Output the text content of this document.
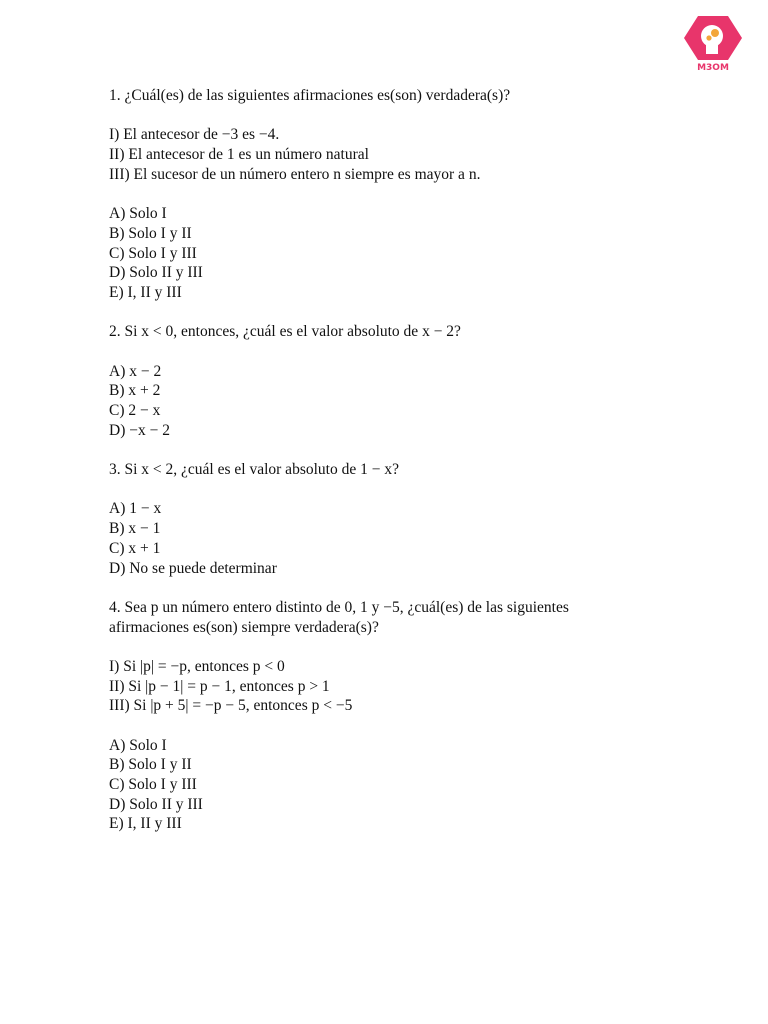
M3OM
1. ¿Cuál(es) de las siguientes afirmaciones es(son) verdadera(s)?
I) El antecesor de −3 es −4.
II) El antecesor de 1 es un número natural
III) El sucesor de un número entero n siempre es mayor a n.
A) Solo I
B) Solo I y II
C) Solo I y III
D) Solo II y III
E) I, II y III
2. Si x < 0, entonces, ¿cuál es el valor absoluto de x − 2?
A) x − 2
B) x + 2
C) 2 − x
D) −x − 2
3. Si x < 2, ¿cuál es el valor absoluto de 1 − x?
A) 1 − x
B) x − 1
C) x + 1
D) No se puede determinar
4. Sea p un número entero distinto de 0, 1 y −5, ¿cuál(es) de las siguientes
afirmaciones es(son) siempre verdadera(s)?
I) Si |p| = −p, entonces p < 0
II) Si |p − 1| = p − 1, entonces p > 1
III) Si |p + 5| = −p − 5, entonces p < −5
A) Solo I
B) Solo I y II
C) Solo I y III
D) Solo II y III
E) I, II y III
